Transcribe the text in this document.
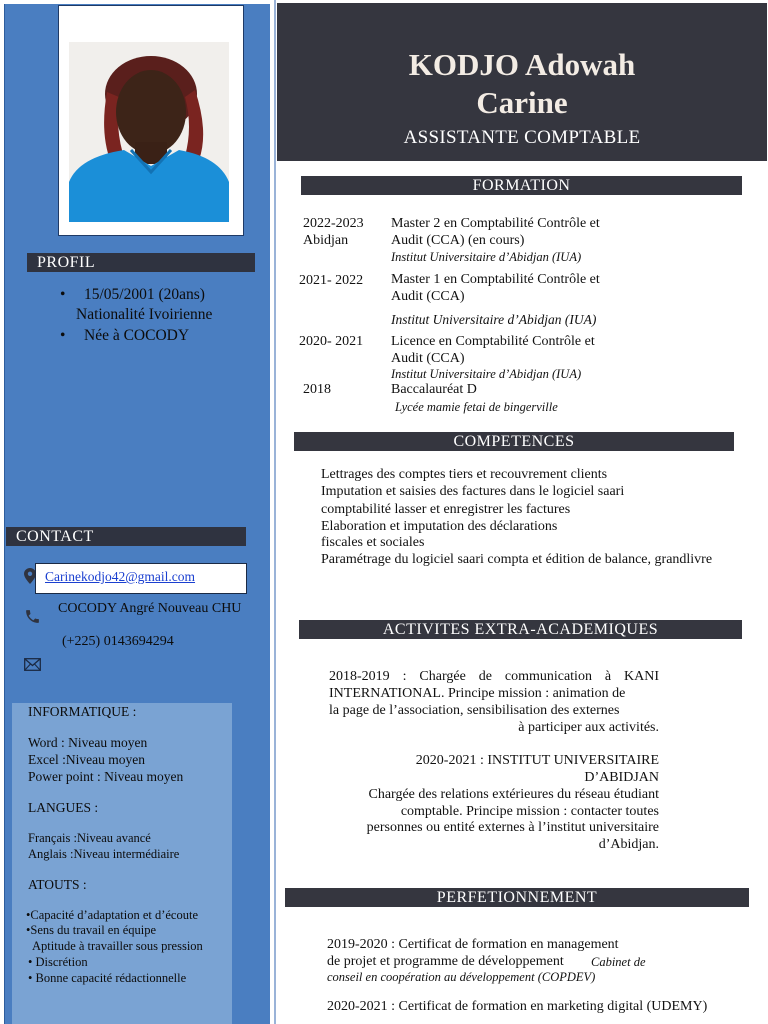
PROFIL
• 15/05/2001 (20ans)
Nationalité Ivoirienne
• Née à COCODY
CONTACT
Carinekodjo42@gmail.com
COCODY Angré Nouveau CHU
(+225) 0143694294
INFORMATIQUE :
Word : Niveau moyen
Excel :Niveau moyen
Power point : Niveau moyen
LANGUES :
Français :Niveau avancé
Anglais :Niveau intermédiaire
ATOUTS :
•Capacité d’adaptation et d’écoute
•Sens du travail en équipe
Aptitude à travailler sous pression
• Discrétion
• Bonne capacité rédactionnelle
KODJO Adowah
Carine
ASSISTANTE COMPTABLE
FORMATION
2022-2023
Abidjan
Master 2 en Comptabilité Contrôle et
Audit (CCA) (en cours)
Institut Universitaire d’Abidjan (IUA)
2021- 2022 Master 1 en Comptabilité Contrôle et
Audit (CCA)
Institut Universitaire d’Abidjan (IUA)
2020- 2021 Licence en Comptabilité Contrôle et
Audit (CCA)
Institut Universitaire d’Abidjan (IUA)
2018	Baccalauréat D
Lycée mamie fetai de bingerville
COMPETENCES
Lettrages des comptes tiers et recouvrement clients
Imputation et saisies des factures dans le logiciel saari
comptabilité lasser et enregistrer les factures
Elaboration et imputation des déclarations
fiscales et sociales
Paramétrage du logiciel saari compta et édition de balance, grandlivre
ACTIVITES EXTRA-ACADEMIQUES
2018-2019 : Chargée de communication à KANI
INTERNATIONAL. Principe mission : animation de
la page de l’association, sensibilisation des externes
à participer aux activités.
2020-2021 : INSTITUT UNIVERSITAIRE
D’ABIDJAN
Chargée des relations extérieures du réseau étudiant
comptable. Principe mission : contacter toutes
personnes ou entité externes à l’institut universitaire
d’Abidjan.
PERFETIONNEMENT
2019-2020 : Certificat de formation en management
de projet et programme de développement Cabinet de
conseil en coopération au développement (COPDEV)
2020-2021 : Certificat de formation en marketing digital (UDEMY)
